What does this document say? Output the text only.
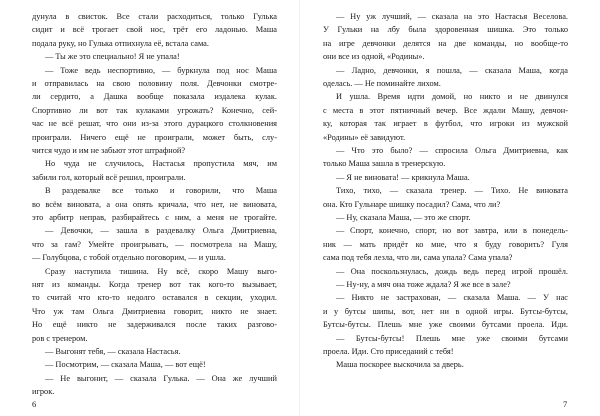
дунула в свисток. Все стали расходиться, только Гулька
сидит и всё трогает свой нос, трёт его ладонью. Маша
подала руку, но Гулька отпихнула её, встала сама.
— Ты же это специально! Я не упала!
— Тоже ведь неспортивно, — буркнула под нос Маша
и отправилась на свою половину поля. Девчонки смотре-
ли сердито, а Дашка вообще показала издалека кулак.
Спортивно ли вот так кулаками угрожать? Конечно, сей-
час не всё решат, что они из-за этого дурацкого столкновения
проиграли. Ничего ещё не проиграли, может быть, слу-
чится чудо и им не забьют этот штрафной?
Но чуда не случилось, Настасья пропустила мяч, им
забили гол, который всё решил, проиграли.
В раздевалке все только и говорили, что Маша
во всём виновата, а она опять кричала, что нет, не виновата,
это арбитр неправ, разбирайтесь с ним, а меня не трогайте.
— Девочки, — зашла в раздевалку Ольга Дмитриевна,
что за гам? Умейте проигрывать, — посмотрела на Машу,
— Голубцова, с тобой отдельно поговорим, — и ушла.
Сразу наступила тишина. Ну всё, скоро Машу выго-
нят из команды. Когда тренер вот так кого-то вызывает,
то считай что кто-то недолго оставался в секции, уходил.
Что уж там Ольга Дмитриевна говорит, никто не знает.
Но ещё никто не задерживался после таких разгово-
ров с тренером.
— Выгонят тебя, — сказала Настасья.
— Посмотрим, — сказала Маша, — вот ещё!
— Не выгонит, — сказала Гулька. — Она же лучший
игрок.
— Ну уж лучший, — сказала на это Настасья Веселова.
У Гульки на лбу была здоровенная шишка. Это только
на игре девчонки делятся на две команды, но вообще-то
они все из одной, «Родины».
— Ладно, девчонки, я пошла, — сказала Маша, когда
оделась. — Не поминайте лихом.
И ушла. Время идти домой, но никто и не двинулся
с места в этот пятничный вечер. Все ждали Машу, девчон-
ку, которая так играет в футбол, что игроки из мужской
«Родины» её завидуют.
— Что это было? — спросила Ольга Дмитриевна, как
только Маша зашла в тренерскую.
— Я не виновата! — крикнула Маша.
Тихо, тихо, — сказала тренер. — Тихо. Не виновата
она. Кто Гульнаре шишку посадил? Сама, что ли?
— Ну, сказала Маша, — это же спорт.
— Спорт, конечно, спорт, но вот завтра, или в понедель-
ник — мать придёт ко мне, что я буду говорить? Гуля
сама под тебя лезла, что ли, сама упала? Сама упала?
— Она поскользнулась, дождь ведь перед игрой прошёл.
— Ну-ну, а мяч она тоже ждала? Я же все в зале?
— Никто не застрахован, — сказала Маша. — У нас
и у бутсы шипы, вот, нет ни в одной игры. Бутсы-бутсы,
Бутсы-бутсы. Плешь мне уже своими бутсами проела. Иди.
— Бутсы-бутсы! Плешь мне уже своими бутсами
проела. Иди. Сто приседаний с тебя!
Маша поскорее выскочила за дверь.
6	7
